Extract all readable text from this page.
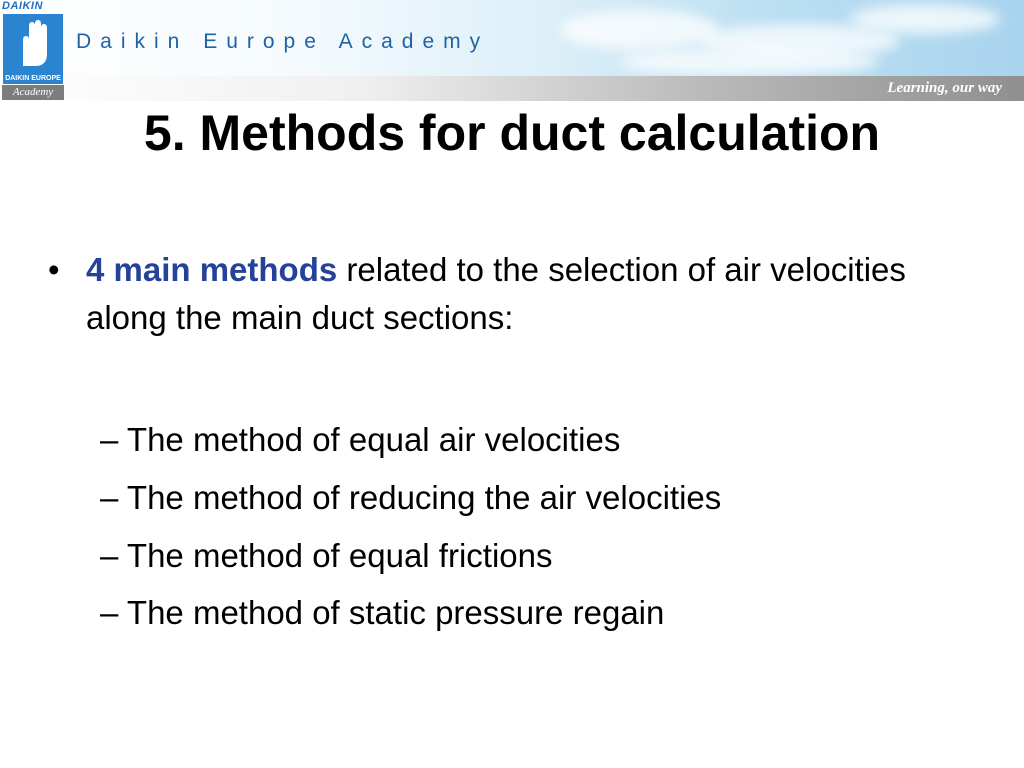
Learning, our way
DAIKIN
DAIKIN EUROPE
Academy
Daikin Europe Academy
5. Methods for duct calculation
• 4 main methods related to the selection of air velocities along the main duct sections:
– The method of equal air velocities
– The method of reducing the air velocities
– The method of equal frictions
– The method of static pressure regain
